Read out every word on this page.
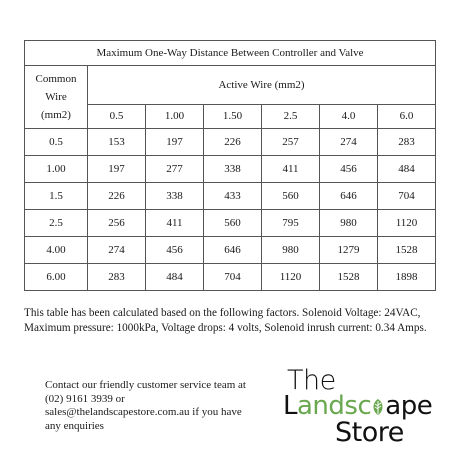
Maximum One-Way Distance Between Controller and Valve						
Common
Wire
(mm2)	Active Wire (mm2)					
	0.5	1.00	1.50	2.5	4.0	6.0
0.5	153	197	226	257	274	283
1.00	197	277	338	411	456	484
1.5	226	338	433	560	646	704
2.5	256	411	560	795	980	1120
4.00	274	456	646	980	1279	1528
6.00	283	484	704	1120	1528	1898
This table has been calculated based on the following factors. Solenoid Voltage: 24VAC, Maximum pressure: 1000kPa, Voltage drops: 4 volts, Solenoid inrush current: 0.34 Amps.
Contact our friendly customer service team at (02) 9161 3939 or sales@thelandscapestore.com.au if you have any enquiries
The
Landsc ape
Store
